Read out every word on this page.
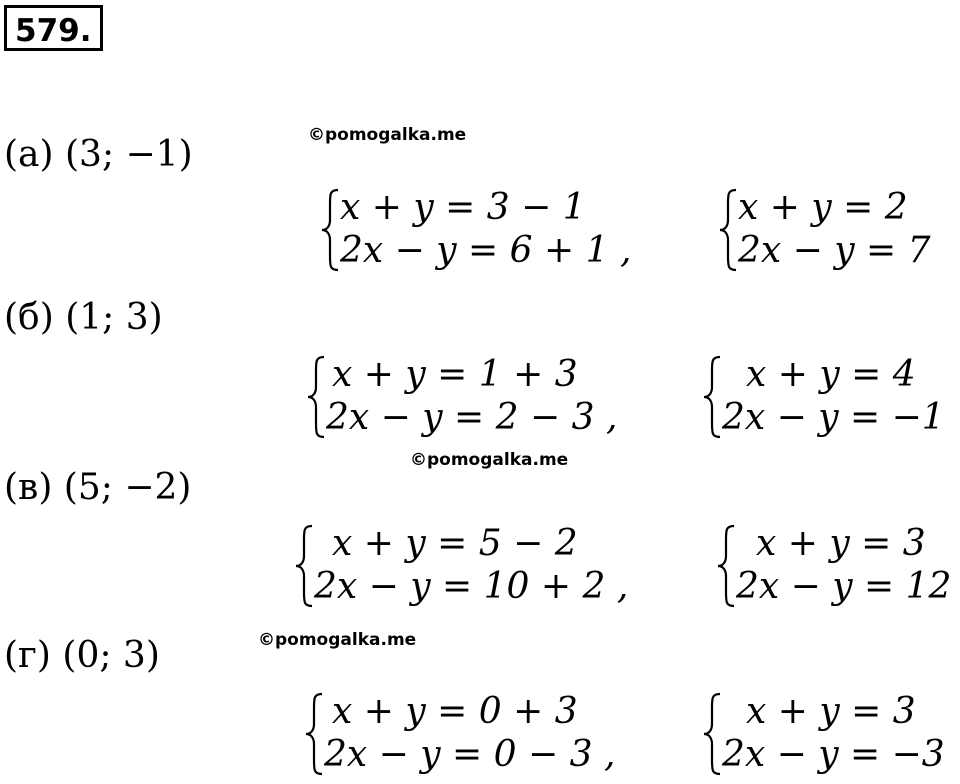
579.
©pomogalka.me
©pomogalka.me
©pomogalka.me
(а) (3; −1)
x + y = 3 − 1
2x − y = 6 + 1 ,
x + y = 2
2x − y = 7
(б) (1; 3)
x + y = 1 + 3
2x − y = 2 − 3 ,
x + y = 4
2x − y = −1
(в) (5; −2)
x + y = 5 − 2
2x − y = 10 + 2 ,
x + y = 3
2x − y = 12
(г) (0; 3)
x + y = 0 + 3
2x − y = 0 − 3 ,
x + y = 3
2x − y = −3
